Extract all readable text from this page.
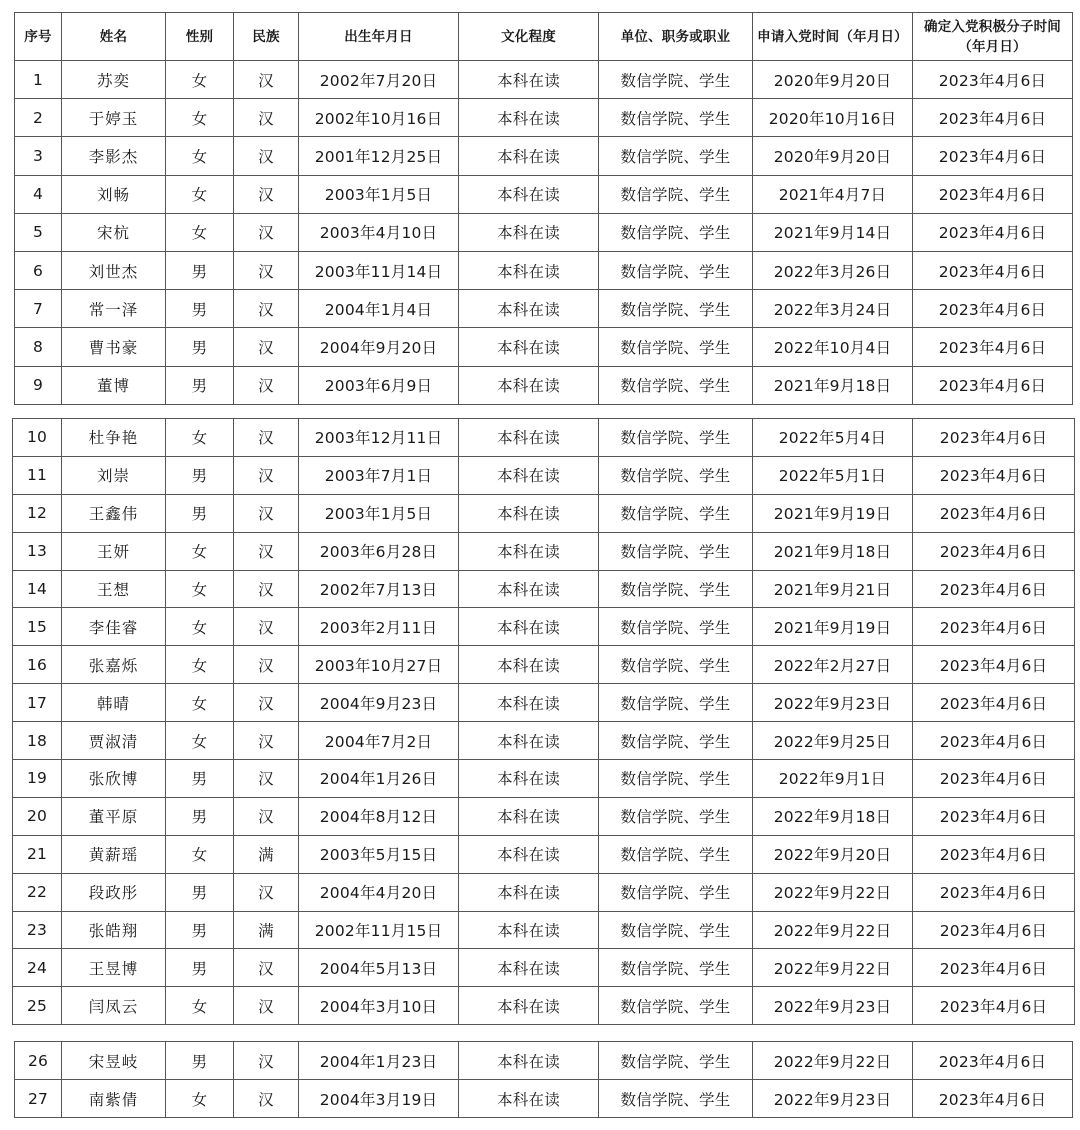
序号	姓名	性别	民族	出生年月日	文化程度	单位、职务或职业	申请入党时间（年月日）	确定入党积极分子时间（年月日）
1	苏奕	女	汉	2002年7月20日	本科在读	数信学院、学生	2020年9月20日	2023年4月6日
2	于婷玉	女	汉	2002年10月16日	本科在读	数信学院、学生	2020年10月16日	2023年4月6日
3	李影杰	女	汉	2001年12月25日	本科在读	数信学院、学生	2020年9月20日	2023年4月6日
4	刘畅	女	汉	2003年1月5日	本科在读	数信学院、学生	2021年4月7日	2023年4月6日
5	宋杭	女	汉	2003年4月10日	本科在读	数信学院、学生	2021年9月14日	2023年4月6日
6	刘世杰	男	汉	2003年11月14日	本科在读	数信学院、学生	2022年3月26日	2023年4月6日
7	常一泽	男	汉	2004年1月4日	本科在读	数信学院、学生	2022年3月24日	2023年4月6日
8	曹书豪	男	汉	2004年9月20日	本科在读	数信学院、学生	2022年10月4日	2023年4月6日
9	董博	男	汉	2003年6月9日	本科在读	数信学院、学生	2021年9月18日	2023年4月6日
10	杜争艳	女	汉	2003年12月11日	本科在读	数信学院、学生	2022年5月4日	2023年4月6日
11	刘崇	男	汉	2003年7月1日	本科在读	数信学院、学生	2022年5月1日	2023年4月6日
12	王鑫伟	男	汉	2003年1月5日	本科在读	数信学院、学生	2021年9月19日	2023年4月6日
13	王妍	女	汉	2003年6月28日	本科在读	数信学院、学生	2021年9月18日	2023年4月6日
14	王想	女	汉	2002年7月13日	本科在读	数信学院、学生	2021年9月21日	2023年4月6日
15	李佳睿	女	汉	2003年2月11日	本科在读	数信学院、学生	2021年9月19日	2023年4月6日
16	张嘉烁	女	汉	2003年10月27日	本科在读	数信学院、学生	2022年2月27日	2023年4月6日
17	韩晴	女	汉	2004年9月23日	本科在读	数信学院、学生	2022年9月23日	2023年4月6日
18	贾淑清	女	汉	2004年7月2日	本科在读	数信学院、学生	2022年9月25日	2023年4月6日
19	张欣博	男	汉	2004年1月26日	本科在读	数信学院、学生	2022年9月1日	2023年4月6日
20	董平原	男	汉	2004年8月12日	本科在读	数信学院、学生	2022年9月18日	2023年4月6日
21	黄薪瑶	女	满	2003年5月15日	本科在读	数信学院、学生	2022年9月20日	2023年4月6日
22	段政彤	男	汉	2004年4月20日	本科在读	数信学院、学生	2022年9月22日	2023年4月6日
23	张皓翔	男	满	2002年11月15日	本科在读	数信学院、学生	2022年9月22日	2023年4月6日
24	王昱博	男	汉	2004年5月13日	本科在读	数信学院、学生	2022年9月22日	2023年4月6日
25	闫凤云	女	汉	2004年3月10日	本科在读	数信学院、学生	2022年9月23日	2023年4月6日
26	宋昱岐	男	汉	2004年1月23日	本科在读	数信学院、学生	2022年9月22日	2023年4月6日
27	南紫倩	女	汉	2004年3月19日	本科在读	数信学院、学生	2022年9月23日	2023年4月6日
